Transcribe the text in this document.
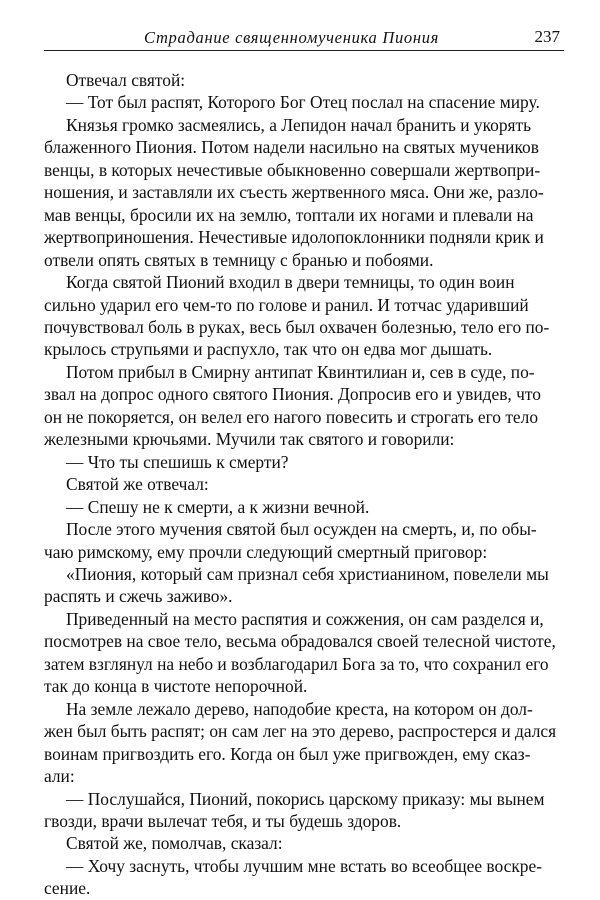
Страдание священномученика Пиония	237

Отвечал святой:

— Тот был распят, Которого Бог Отец послал на спасение миру.

Князья громко засмеялись, а Лепидон начал бранить и укорять
блаженного Пиония. Потом надели насильно на святых мучеников
венцы, в которых нечестивые обыкновенно совершали жертвопри-
ношения, и заставляли их съесть жертвенного мяса. Они же, разло-
мав венцы, бросили их на землю, топтали их ногами и плевали на
жертвоприношения. Нечестивые идолопоклонники подняли крик и
отвели опять святых в темницу с бранью и побоями.

Когда святой Пионий входил в двери темницы, то один воин
сильно ударил его чем-то по голове и ранил. И тотчас ударивший
почувствовал боль в руках, весь был охвачен болезнью, тело его по-
крылось струпьями и распухло, так что он едва мог дышать.

Потом прибыл в Смирну антипат Квинтилиан и, сев в суде, по-
звал на допрос одного святого Пиония. Допросив его и увидев, что
он не покоряется, он велел его нагого повесить и строгать его тело
железными крючьями. Мучили так святого и говорили:

— Что ты спешишь к смерти?

Святой же отвечал:

— Спешу не к смерти, а к жизни вечной.

После этого мучения святой был осужден на смерть, и, по обы-
чаю римскому, ему прочли следующий смертный приговор:

«Пиония, который сам признал себя христианином, повелели мы
распять и сжечь заживо».

Приведенный на место распятия и сожжения, он сам разделся и,
посмотрев на свое тело, весьма обрадовался своей телесной чистоте,
затем взглянул на небо и возблагодарил Бога за то, что сохранил его
так до конца в чистоте непорочной.

На земле лежало дерево, наподобие креста, на котором он дол-
жен был быть распят; он сам лег на это дерево, распростерся и дался
воинам пригвоздить его. Когда он был уже пригвожден, ему сказ-
али:

— Послушайся, Пионий, покорись царскому приказу: мы вынем
гвозди, врачи вылечат тебя, и ты будешь здоров.

Святой же, помолчав, сказал:

— Хочу заснуть, чтобы лучшим мне встать во всеобщее воскре-
сение.
